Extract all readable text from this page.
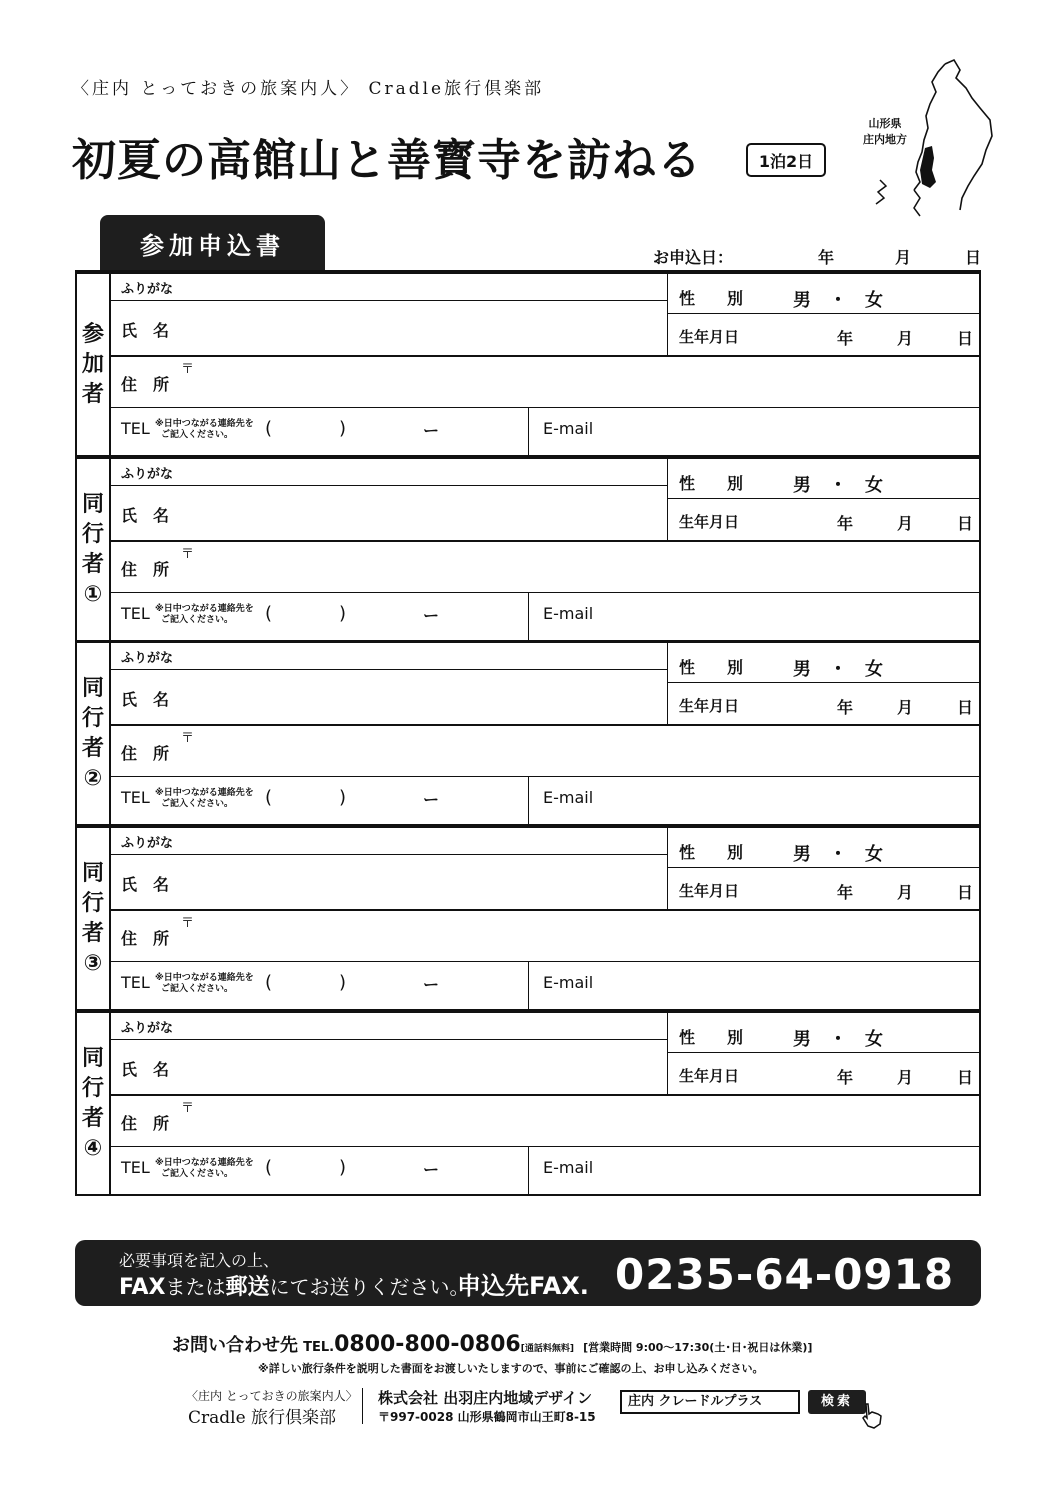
〈庄内 とっておきの旅案内人〉 Cradle旅行倶楽部
初夏の高館山と善寳寺を訪ねる	1泊2日
山形県
庄内地方
参加申込書	お申込日：	年	月	日
参
加
者
ふりがな
氏　名
性　　別	男　・　女
生年月日	年	月	日
〒
住　所
TEL ※日中つながる連絡先を
ご記入ください。	(	)	ー	E-mail
同
行
者
①
ふりがな
氏　名
性　　別	男　・　女
生年月日	年	月	日
〒
住　所
TEL ※日中つながる連絡先を
ご記入ください。	(	)	ー	E-mail
同
行
者
②
ふりがな
氏　名
性　　別	男　・　女
生年月日	年	月	日
〒
住　所
TEL ※日中つながる連絡先を
ご記入ください。	(	)	ー	E-mail
同
行
者
③
ふりがな
氏　名
性　　別	男　・　女
生年月日	年	月	日
〒
住　所
TEL ※日中つながる連絡先を
ご記入ください。	(	)	ー	E-mail
同
行
者
④
ふりがな
氏　名
性　　別	男　・　女
生年月日	年	月	日
〒
住　所
TEL ※日中つながる連絡先を
ご記入ください。	(	)	ー	E-mail
必要事項を記入の上、
FAXまたは郵送にてお送りください。
申込先FAX. 0235-64-0918
お問い合わせ先 TEL.0800-800-0806[通話料無料] [営業時間 9:00～17:30(土･日･祝日は休業)]
※詳しい旅行条件を説明した書面をお渡しいたしますので、事前にご確認の上、お申し込みください。
〈庄内 とっておきの旅案内人〉
Cradle 旅行倶楽部
株式会社 出羽庄内地域デザイン
〒997-0028 山形県鶴岡市山王町8-15
庄内 クレードルプラス	検索
